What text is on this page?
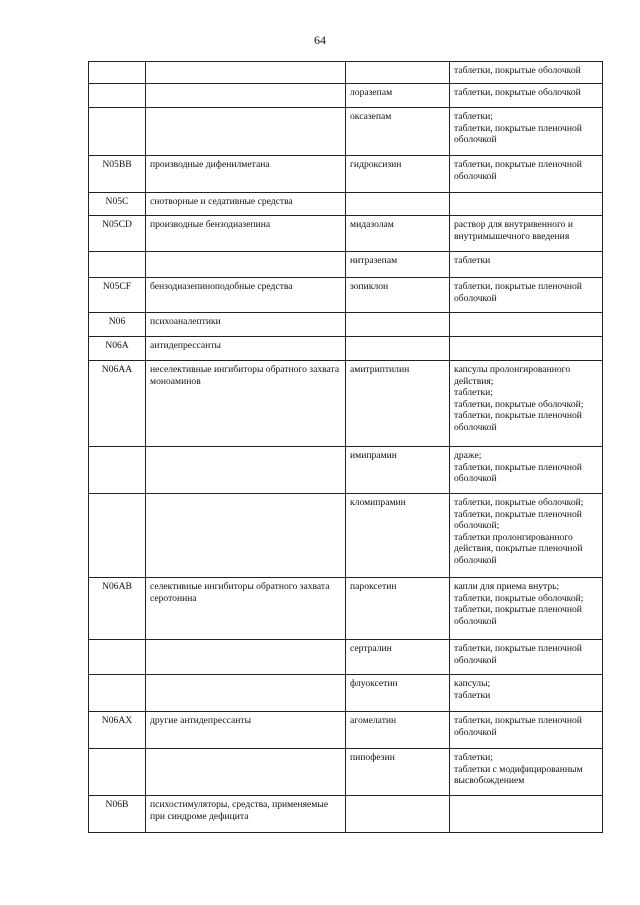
64

			таблетки, покрытые оболочкой

		лоразепам	таблетки, покрытые оболочкой

		оксазепам	таблетки;
таблетки, покрытые пленочной оболочкой

N05BB	производные дифенилметана	гидроксизин	таблетки, покрытые пленочной оболочкой

N05C	снотворные и седативные средства		

N05CD	производные бензодиазепина	мидазолам	раствор для внутривенного и внутримышечного введения

		нитразепам	таблетки

N05CF	бензодиазепиноподобные средства	зопиклон	таблетки, покрытые пленочной оболочкой

N06	психоаналептики		

N06A	антидепрессанты		

N06AA	неселективные ингибиторы обратного захвата моноаминов	амитриптилин	капсулы пролонгированного действия;
таблетки;
таблетки, покрытые оболочкой;
таблетки, покрытые пленочной оболочкой

		имипрамин	драже;
таблетки, покрытые пленочной оболочкой

		кломипрамин	таблетки, покрытые оболочкой;
таблетки, покрытые пленочной оболочкой;
таблетки пролонгированного действия, покрытые пленочной оболочкой

N06AB	селективные ингибиторы обратного захвата серотонина	пароксетин	капли для приема внутрь;
таблетки, покрытые оболочкой;
таблетки, покрытые пленочной оболочкой

		сертралин	таблетки, покрытые пленочной оболочкой

		флуоксетин	капсулы;
таблетки

N06AX	другие антидепрессанты	агомелатин	таблетки, покрытые пленочной оболочкой

		пипофезин	таблетки;
таблетки с модифицированным высвобождением

N06B	психостимуляторы, средства, применяемые при синдроме дефицита		
